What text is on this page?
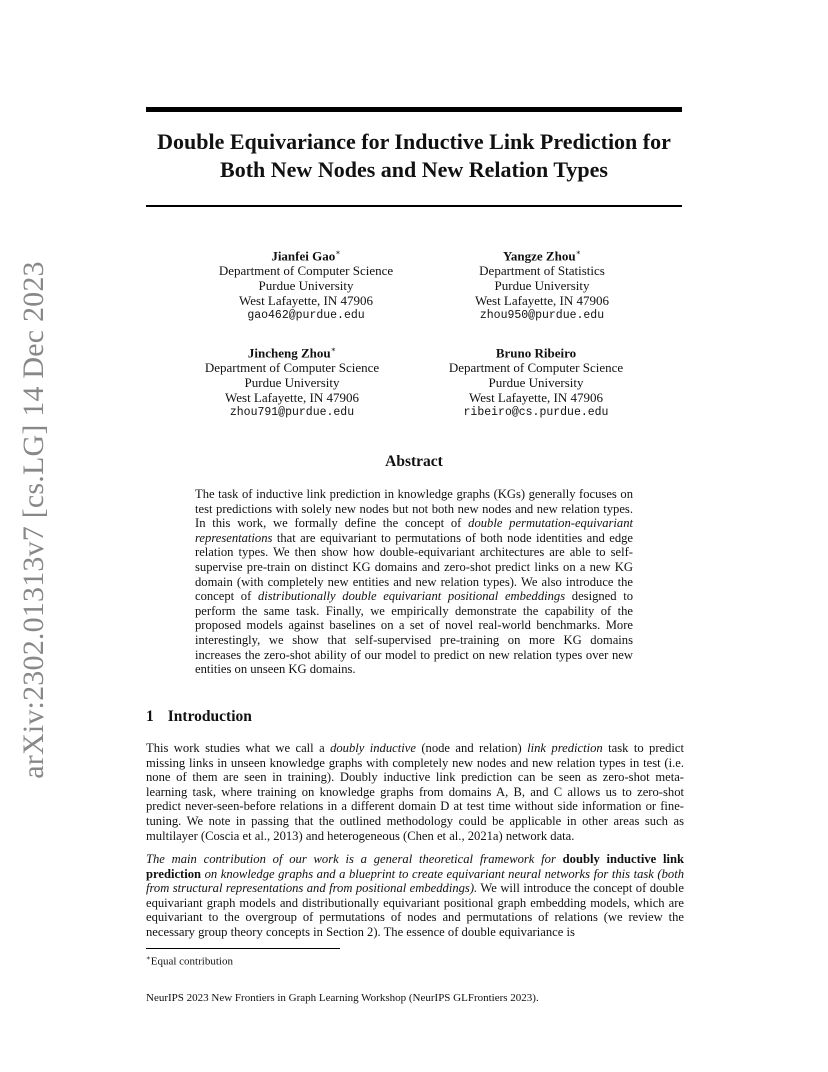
arXiv:2302.01313v7 [cs.LG] 14 Dec 2023
Double Equivariance for Inductive Link Prediction for
Both New Nodes and New Relation Types
Jianfei Gao∗
Department of Computer Science
Purdue University
West Lafayette, IN 47906
gao462@purdue.edu
Yangze Zhou∗
Department of Statistics
Purdue University
West Lafayette, IN 47906
zhou950@purdue.edu
Jincheng Zhou∗
Department of Computer Science
Purdue University
West Lafayette, IN 47906
zhou791@purdue.edu
Bruno Ribeiro
Department of Computer Science
Purdue University
West Lafayette, IN 47906
ribeiro@cs.purdue.edu
Abstract

The task of inductive link prediction in knowledge graphs (KGs) generally focuses on test predictions with solely new nodes but not both new nodes and new relation types. In this work, we formally define the concept of double permutation-equivariant representations that are equivariant to permutations of both node identities and edge relation types. We then show how double-equivariant architectures are able to self-supervise pre-train on distinct KG domains and zero-shot predict links on a new KG domain (with completely new entities and new relation types). We also introduce the concept of distributionally double equivariant positional embeddings designed to perform the same task. Finally, we empirically demonstrate the capability of the proposed models against baselines on a set of novel real-world benchmarks. More interestingly, we show that self-supervised pre-training on more KG domains increases the zero-shot ability of our model to predict on new relation types over new entities on unseen KG domains.

1 Introduction

This work studies what we call a doubly inductive (node and relation) link prediction task to predict missing links in unseen knowledge graphs with completely new nodes and new relation types in test (i.e. none of them are seen in training). Doubly inductive link prediction can be seen as zero-shot meta-learning task, where training on knowledge graphs from domains A, B, and C allows us to zero-shot predict never-seen-before relations in a different domain D at test time without side information or fine-tuning. We note in passing that the outlined methodology could be applicable in other areas such as multilayer (Coscia et al., 2013) and heterogeneous (Chen et al., 2021a) network data.

The main contribution of our work is a general theoretical framework for doubly inductive link prediction on knowledge graphs and a blueprint to create equivariant neural networks for this task (both from structural representations and from positional embeddings). We will introduce the concept of double equivariant graph models and distributionally equivariant positional graph embedding models, which are equivariant to the overgroup of permutations of nodes and permutations of relations (we review the necessary group theory concepts in Section 2). The essence of double equivariance is

∗Equal contribution

NeurIPS 2023 New Frontiers in Graph Learning Workshop (NeurIPS GLFrontiers 2023).
